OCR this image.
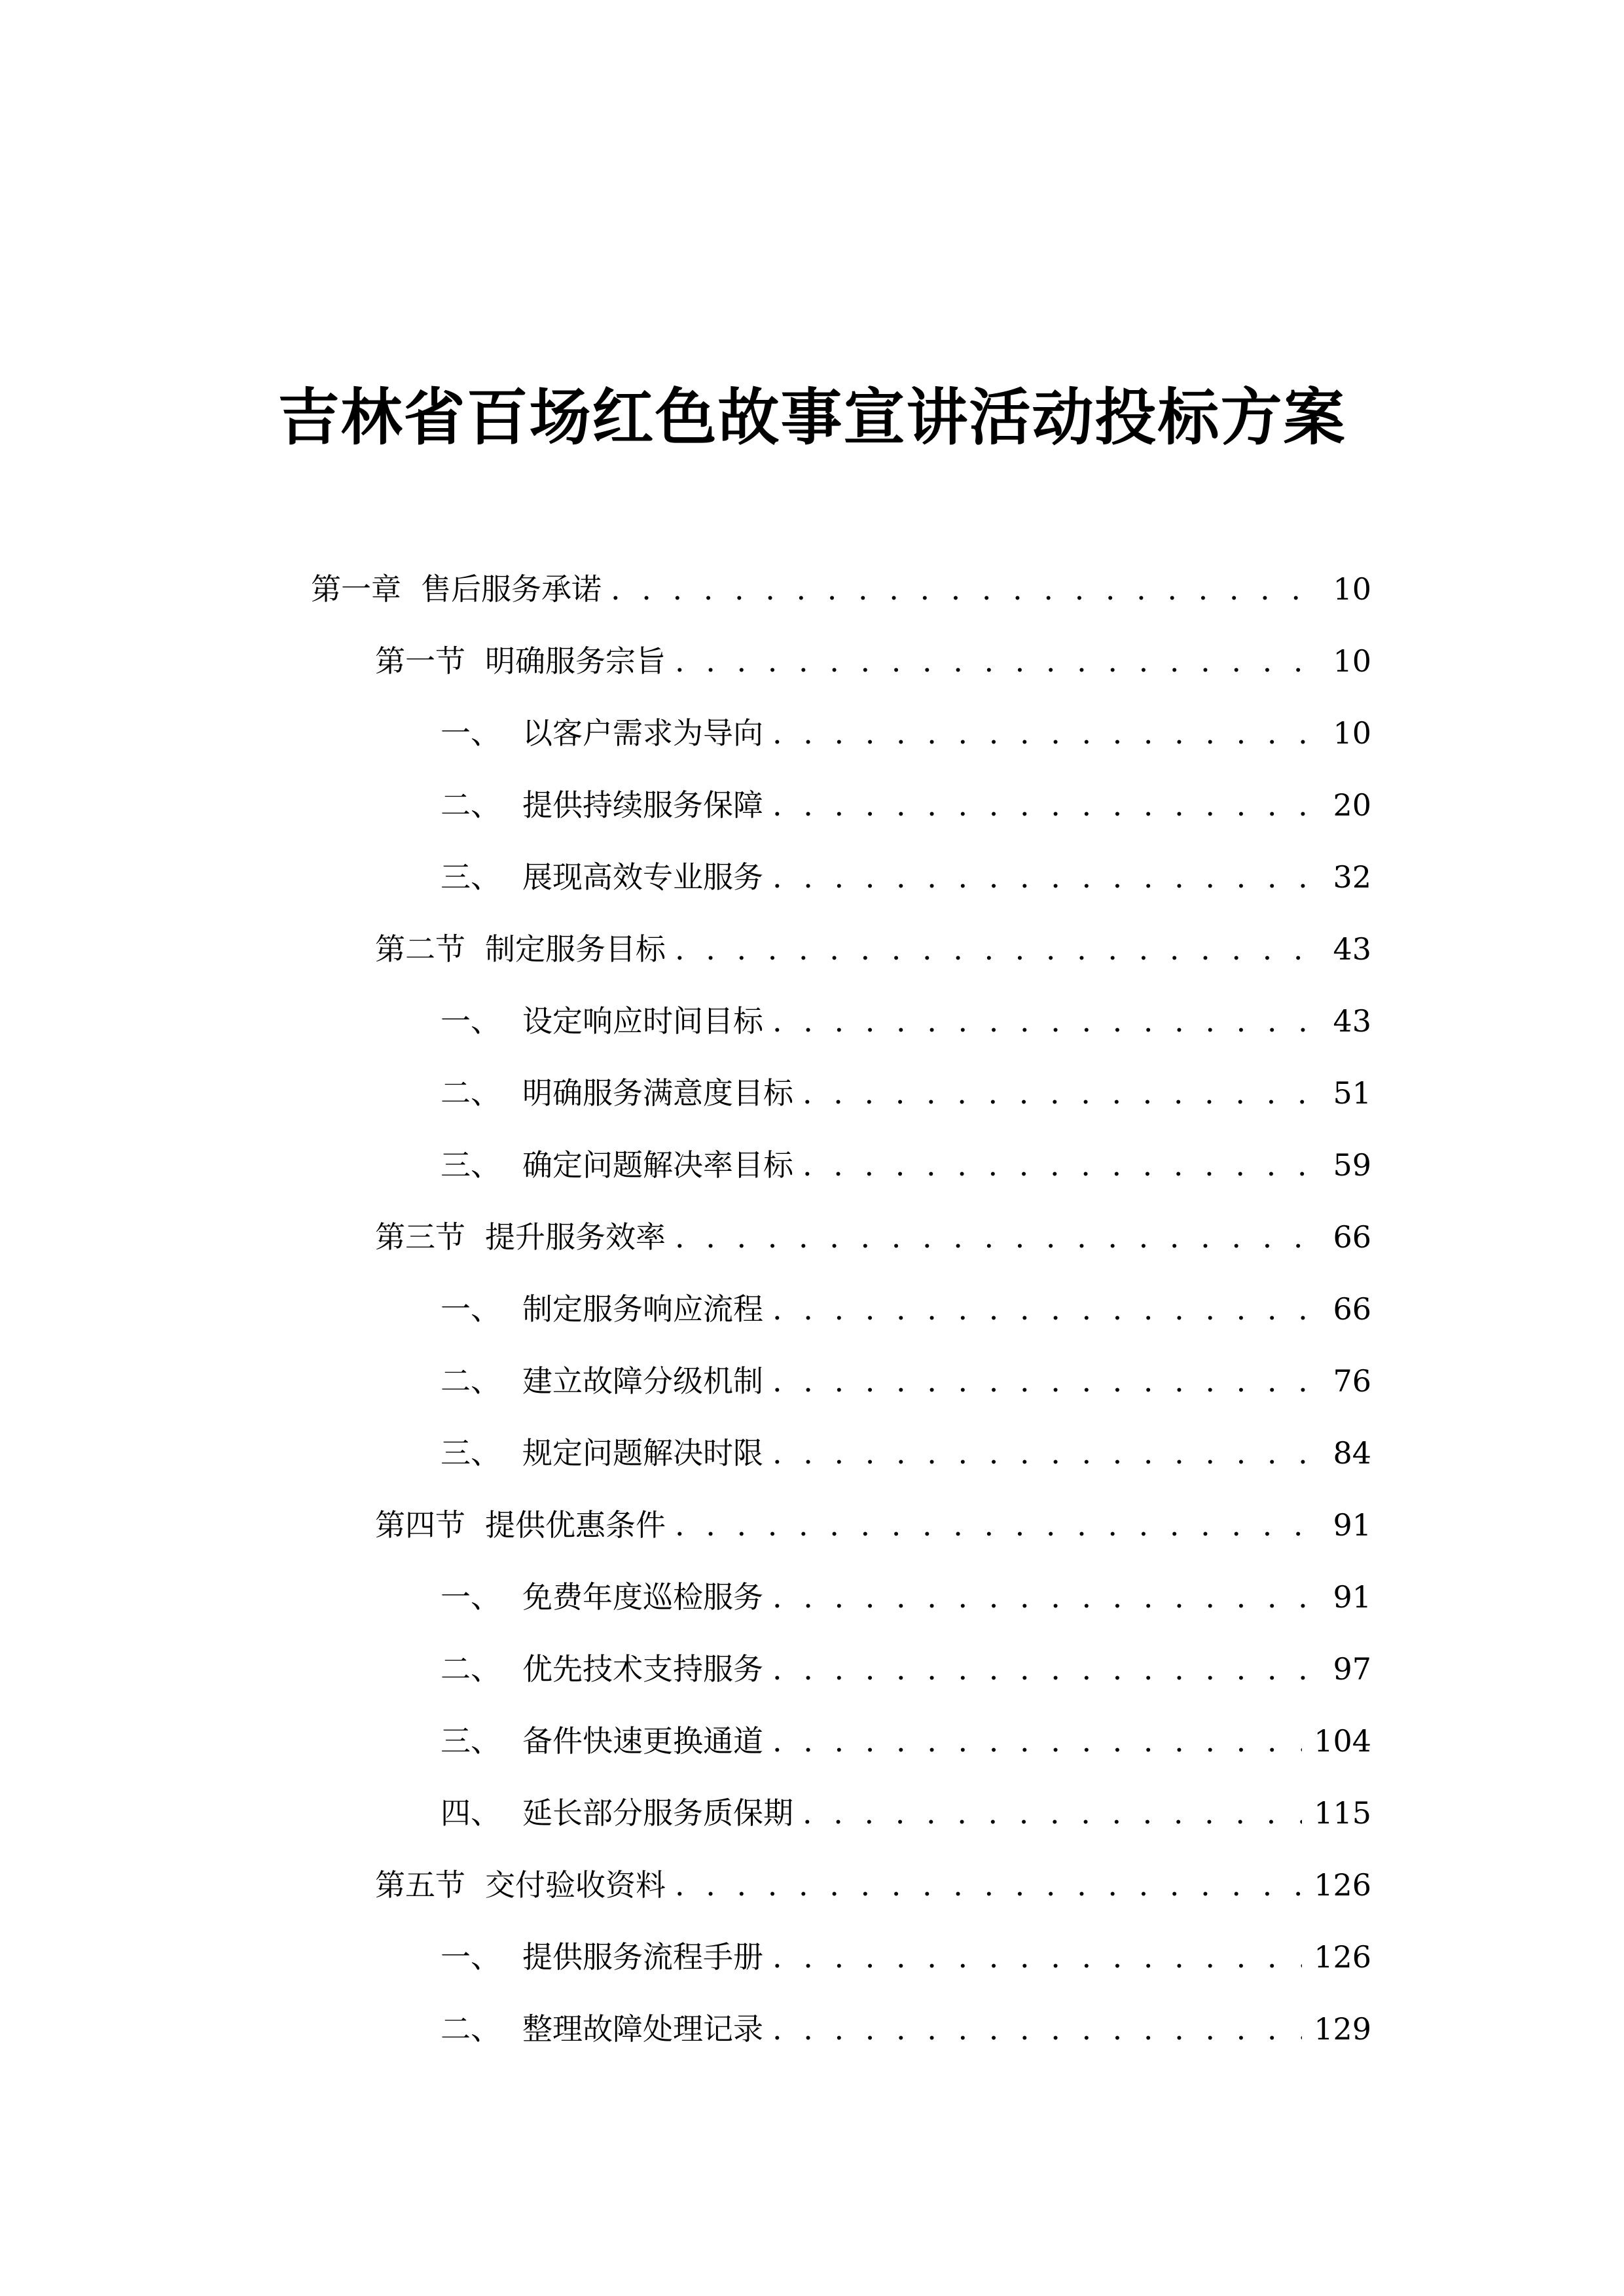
吉林省百场红色故事宣讲活动投标方案
第一章 售后服务承诺 . . .	10
第一节 明确服务宗旨 . . .	10
一、 以客户需求为导向 . . .	10
二、 提供持续服务保障 . . .	20
三、 展现高效专业服务 . . .	32
第二节 制定服务目标 . . .	43
一、 设定响应时间目标 . . .	43
二、 明确服务满意度目标 . . .	51
三、 确定问题解决率目标 . . .	59
第三节 提升服务效率 . . .	66
一、 制定服务响应流程 . . .	66
二、 建立故障分级机制 . . .	76
三、 规定问题解决时限 . . .	84
第四节 提供优惠条件 . . .	91
一、 免费年度巡检服务 . . .	91
二、 优先技术支持服务 . . .	97
三、 备件快速更换通道 . . .	104
四、 延长部分服务质保期 . . .	115
第五节 交付验收资料 . . .	126
一、 提供服务流程手册 . . .	126
二、 整理故障处理记录 . . .	129
